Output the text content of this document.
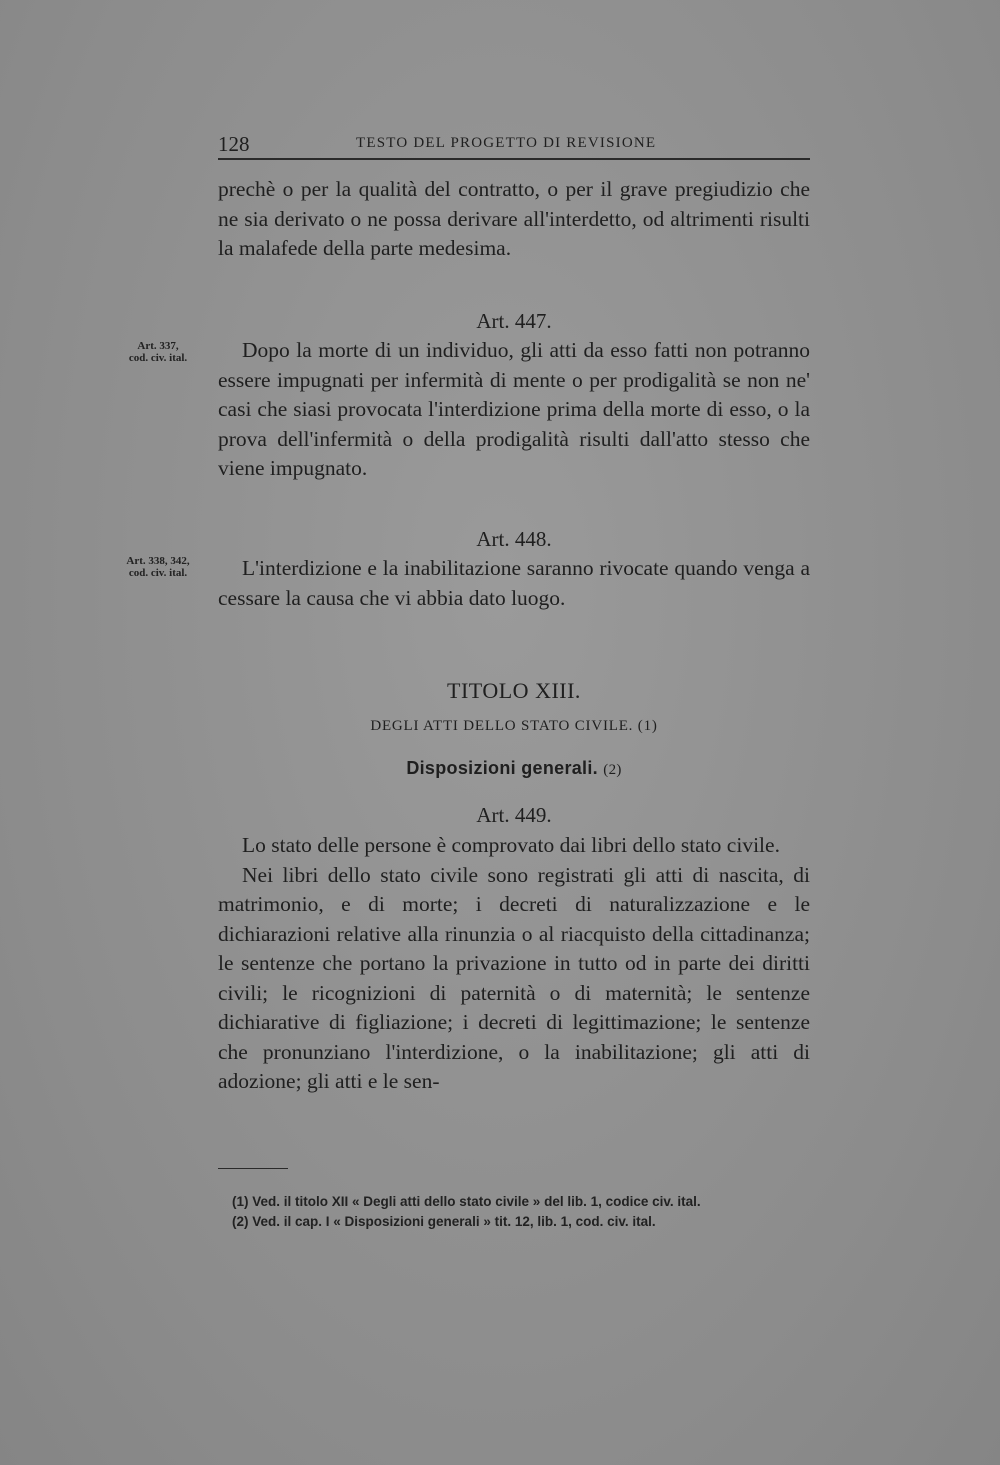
128	TESTO DEL PROGETTO DI REVISIONE

prechè o per la qualità del contratto, o per il grave pregiudizio che ne sia derivato o ne possa derivare all'interdetto, od altrimenti risulti la malafede della parte medesima.

Art. 447.
Art. 337,
cod. civ. ital.	Dopo la morte di un individuo, gli atti da esso fatti non potranno essere impugnati per infermità di mente o per prodigalità se non ne' casi che siasi provocata l'interdizione prima della morte di esso, o la prova dell'infermità o della prodigalità risulti dall'atto stesso che viene impugnato.

Art. 448.
Art. 338, 342,
cod. civ. ital.	L'interdizione e la inabilitazione saranno rivocate quando venga a cessare la causa che vi abbia dato luogo.

TITOLO XIII.
DEGLI ATTI DELLO STATO CIVILE. (1)
Disposizioni generali. (2)
Art. 449.

Lo stato delle persone è comprovato dai libri dello stato civile.

Nei libri dello stato civile sono registrati gli atti di nascita, di matrimonio, e di morte; i decreti di naturalizzazione e le dichiarazioni relative alla rinunzia o al riacquisto della cittadinanza; le sentenze che portano la privazione in tutto od in parte dei diritti civili; le ricognizioni di paternità o di maternità; le sentenze dichiarative di figliazione; i decreti di legittimazione; le sentenze che pronunziano l'interdizione, o la inabilitazione; gli atti di adozione; gli atti e le sen-

(1) Ved. il titolo XII « Degli atti dello stato civile » del lib. 1, codice civ. ital.
(2) Ved. il cap. I « Disposizioni generali » tit. 12, lib. 1, cod. civ. ital.
